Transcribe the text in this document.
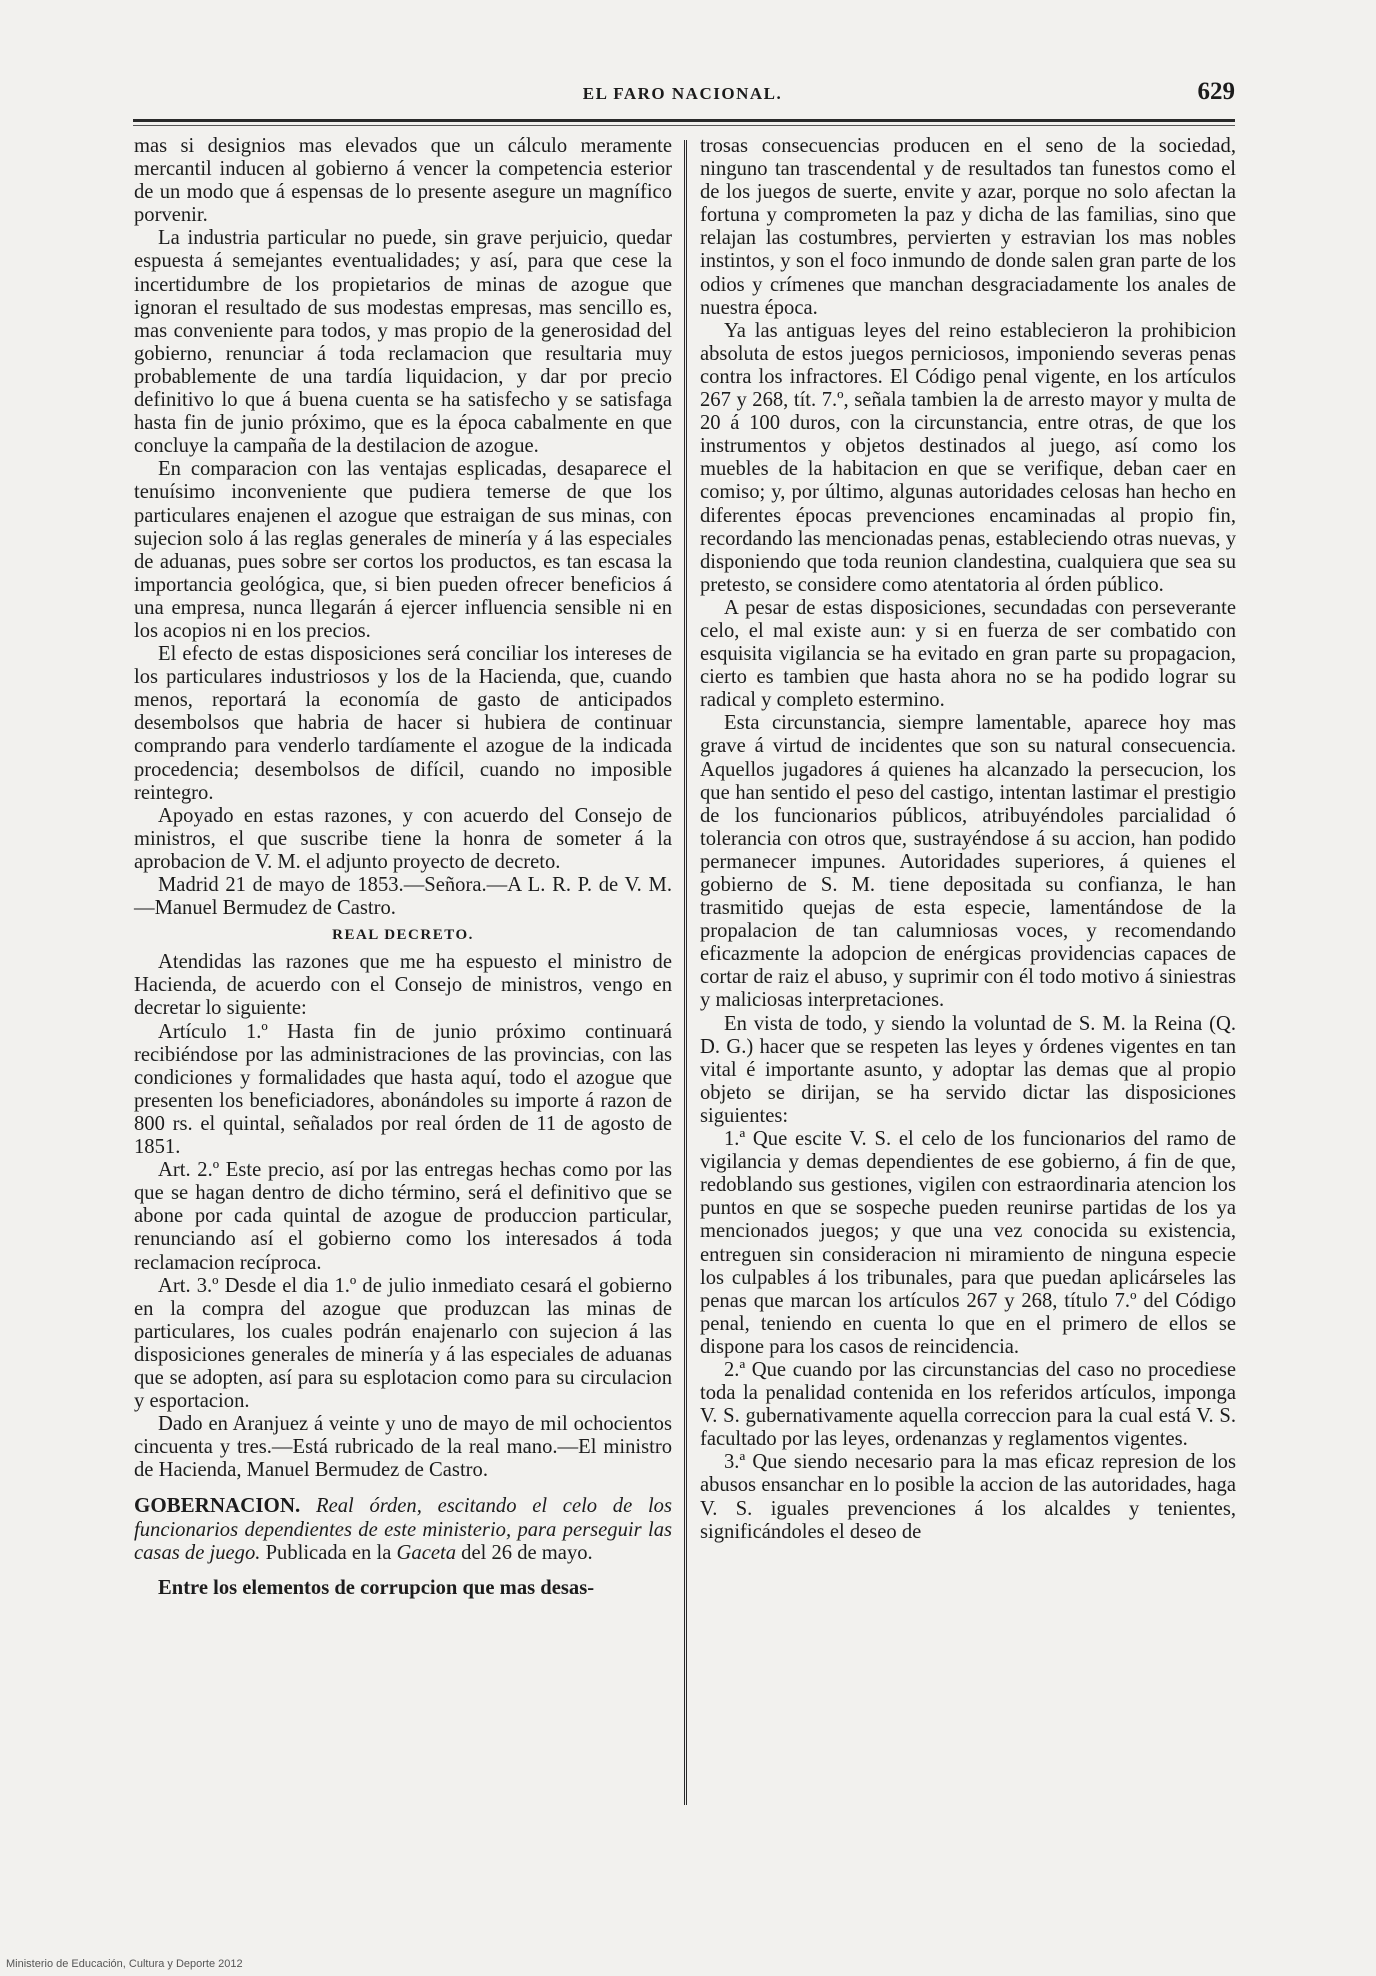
EL FARO NACIONAL.	629

mas si designios mas elevados que un cálculo meramente mercantil inducen al gobierno á vencer la competencia esterior de un modo que á espensas de lo presente asegure un magnífico porvenir.

La industria particular no puede, sin grave perjuicio, quedar espuesta á semejantes eventualidades; y así, para que cese la incertidumbre de los propietarios de minas de azogue que ignoran el resultado de sus modestas empresas, mas sencillo es, mas conveniente para todos, y mas propio de la generosidad del gobierno, renunciar á toda reclamacion que resultaria muy probablemente de una tardía liquidacion, y dar por precio definitivo lo que á buena cuenta se ha satisfecho y se satisfaga hasta fin de junio próximo, que es la época cabalmente en que concluye la campaña de la destilacion de azogue.

En comparacion con las ventajas esplicadas, desaparece el tenuísimo inconveniente que pudiera temerse de que los particulares enajenen el azogue que estraigan de sus minas, con sujecion solo á las reglas generales de minería y á las especiales de aduanas, pues sobre ser cortos los productos, es tan escasa la importancia geológica, que, si bien pueden ofrecer beneficios á una empresa, nunca llegarán á ejercer influencia sensible ni en los acopios ni en los precios.

El efecto de estas disposiciones será conciliar los intereses de los particulares industriosos y los de la Hacienda, que, cuando menos, reportará la economía de gasto de anticipados desembolsos que habria de hacer si hubiera de continuar comprando para venderlo tardíamente el azogue de la indicada procedencia; desembolsos de difícil, cuando no imposible reintegro.

Apoyado en estas razones, y con acuerdo del Consejo de ministros, el que suscribe tiene la honra de someter á la aprobacion de V. M. el adjunto proyecto de decreto.

Madrid 21 de mayo de 1853.—Señora.—A L. R. P. de V. M.—Manuel Bermudez de Castro.

REAL DECRETO.

Atendidas las razones que me ha espuesto el ministro de Hacienda, de acuerdo con el Consejo de ministros, vengo en decretar lo siguiente:

Artículo 1.º Hasta fin de junio próximo continuará recibiéndose por las administraciones de las provincias, con las condiciones y formalidades que hasta aquí, todo el azogue que presenten los beneficiadores, abonándoles su importe á razon de 800 rs. el quintal, señalados por real órden de 11 de agosto de 1851.

Art. 2.º Este precio, así por las entregas hechas como por las que se hagan dentro de dicho término, será el definitivo que se abone por cada quintal de azogue de produccion particular, renunciando así el gobierno como los interesados á toda reclamacion recíproca.

Art. 3.º Desde el dia 1.º de julio inmediato cesará el gobierno en la compra del azogue que produzcan las minas de particulares, los cuales podrán enajenarlo con sujecion á las disposiciones generales de minería y á las especiales de aduanas que se adopten, así para su esplotacion como para su circulacion y esportacion.

Dado en Aranjuez á veinte y uno de mayo de mil ochocientos cincuenta y tres.—Está rubricado de la real mano.—El ministro de Hacienda, Manuel Bermudez de Castro.

GOBERNACION. Real órden, escitando el celo de los funcionarios dependientes de este ministerio, para perseguir las casas de juego. Publicada en la Gaceta del 26 de mayo.

Entre los elementos de corrupcion que mas desas-

trosas consecuencias producen en el seno de la sociedad, ninguno tan trascendental y de resultados tan funestos como el de los juegos de suerte, envite y azar, porque no solo afectan la fortuna y comprometen la paz y dicha de las familias, sino que relajan las costumbres, pervierten y estravian los mas nobles instintos, y son el foco inmundo de donde salen gran parte de los odios y crímenes que manchan desgraciadamente los anales de nuestra época.

Ya las antiguas leyes del reino establecieron la prohibicion absoluta de estos juegos perniciosos, imponiendo severas penas contra los infractores. El Código penal vigente, en los artículos 267 y 268, tít. 7.º, señala tambien la de arresto mayor y multa de 20 á 100 duros, con la circunstancia, entre otras, de que los instrumentos y objetos destinados al juego, así como los muebles de la habitacion en que se verifique, deban caer en comiso; y, por último, algunas autoridades celosas han hecho en diferentes épocas prevenciones encaminadas al propio fin, recordando las mencionadas penas, estableciendo otras nuevas, y disponiendo que toda reunion clandestina, cualquiera que sea su pretesto, se considere como atentatoria al órden público.

A pesar de estas disposiciones, secundadas con perseverante celo, el mal existe aun: y si en fuerza de ser combatido con esquisita vigilancia se ha evitado en gran parte su propagacion, cierto es tambien que hasta ahora no se ha podido lograr su radical y completo estermino.

Esta circunstancia, siempre lamentable, aparece hoy mas grave á virtud de incidentes que son su natural consecuencia. Aquellos jugadores á quienes ha alcanzado la persecucion, los que han sentido el peso del castigo, intentan lastimar el prestigio de los funcionarios públicos, atribuyéndoles parcialidad ó tolerancia con otros que, sustrayéndose á su accion, han podido permanecer impunes. Autoridades superiores, á quienes el gobierno de S. M. tiene depositada su confianza, le han trasmitido quejas de esta especie, lamentándose de la propalacion de tan calumniosas voces, y recomendando eficazmente la adopcion de enérgicas providencias capaces de cortar de raiz el abuso, y suprimir con él todo motivo á siniestras y maliciosas interpretaciones.

En vista de todo, y siendo la voluntad de S. M. la Reina (Q. D. G.) hacer que se respeten las leyes y órdenes vigentes en tan vital é importante asunto, y adoptar las demas que al propio objeto se dirijan, se ha servido dictar las disposiciones siguientes:

1.ª Que escite V. S. el celo de los funcionarios del ramo de vigilancia y demas dependientes de ese gobierno, á fin de que, redoblando sus gestiones, vigilen con estraordinaria atencion los puntos en que se sospeche pueden reunirse partidas de los ya mencionados juegos; y que una vez conocida su existencia, entreguen sin consideracion ni miramiento de ninguna especie los culpables á los tribunales, para que puedan aplicárseles las penas que marcan los artículos 267 y 268, título 7.º del Código penal, teniendo en cuenta lo que en el primero de ellos se dispone para los casos de reincidencia.

2.ª Que cuando por las circunstancias del caso no procediese toda la penalidad contenida en los referidos artículos, imponga V. S. gubernativamente aquella correccion para la cual está V. S. facultado por las leyes, ordenanzas y reglamentos vigentes.

3.ª Que siendo necesario para la mas eficaz represion de los abusos ensanchar en lo posible la accion de las autoridades, haga V. S. iguales prevenciones á los alcaldes y tenientes, significándoles el deseo de

Ministerio de Educación, Cultura y Deporte 2012
